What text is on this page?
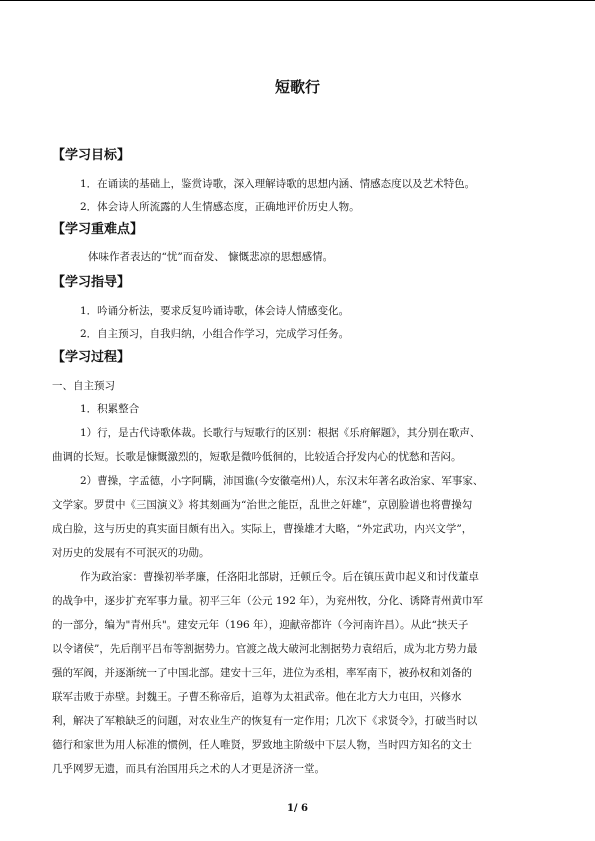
短歌行
【学习目标】
1．在诵读的基础上，鉴赏诗歌，深入理解诗歌的思想内涵、情感态度以及艺术特色。
2．体会诗人所流露的人生情感态度，正确地评价历史人物。
【学习重难点】
体味作者表达的“忧”而奋发、 慷慨悲凉的思想感情。
【学习指导】
1．吟诵分析法，要求反复吟诵诗歌，体会诗人情感变化。
2．自主预习，自我归纳，小组合作学习，完成学习任务。
【学习过程】
一、自主预习
1．积累整合
1）行，是古代诗歌体裁。长歌行与短歌行的区别：根据《乐府解题》，其分别在歌声、
曲调的长短。长歌是慷慨激烈的，短歌是微吟低徊的，比较适合抒发内心的忧愁和苦闷。
2）曹操，字孟德，小字阿瞒，沛国谯(今安徽亳州)人，东汉末年著名政治家、军事家、
文学家。罗贯中《三国演义》将其刻画为“治世之能臣，乱世之奸雄”，京剧脸谱也将曹操勾
成白脸，这与历史的真实面目颇有出入。实际上，曹操雄才大略，“外定武功，内兴文学”，
对历史的发展有不可泯灭的功勋。
作为政治家：曹操初举孝廉，任洛阳北部尉，迁顿丘令。后在镇压黄巾起义和讨伐董卓
的战争中，逐步扩充军事力量。初平三年（公元 192 年），为兖州牧，分化、诱降青州黄巾军
的一部分，编为"青州兵"。建安元年（196 年），迎献帝都许（今河南许昌）。从此“挟天子
以令诸侯”，先后削平吕布等割据势力。官渡之战大破河北割据势力袁绍后，成为北方势力最
强的军阀，并逐渐统一了中国北部。建安十三年，进位为丞相，率军南下，被孙权和刘备的
联军击败于赤壁。封魏王。子曹丕称帝后，追尊为太祖武帝。他在北方大力屯田，兴修水
利，解决了军粮缺乏的问题，对农业生产的恢复有一定作用；几次下《求贤令》，打破当时以
德行和家世为用人标准的惯例，任人唯贤，罗致地主阶级中下层人物，当时四方知名的文士
几乎网罗无遗，而具有治国用兵之术的人才更是济济一堂。
1/ 6
